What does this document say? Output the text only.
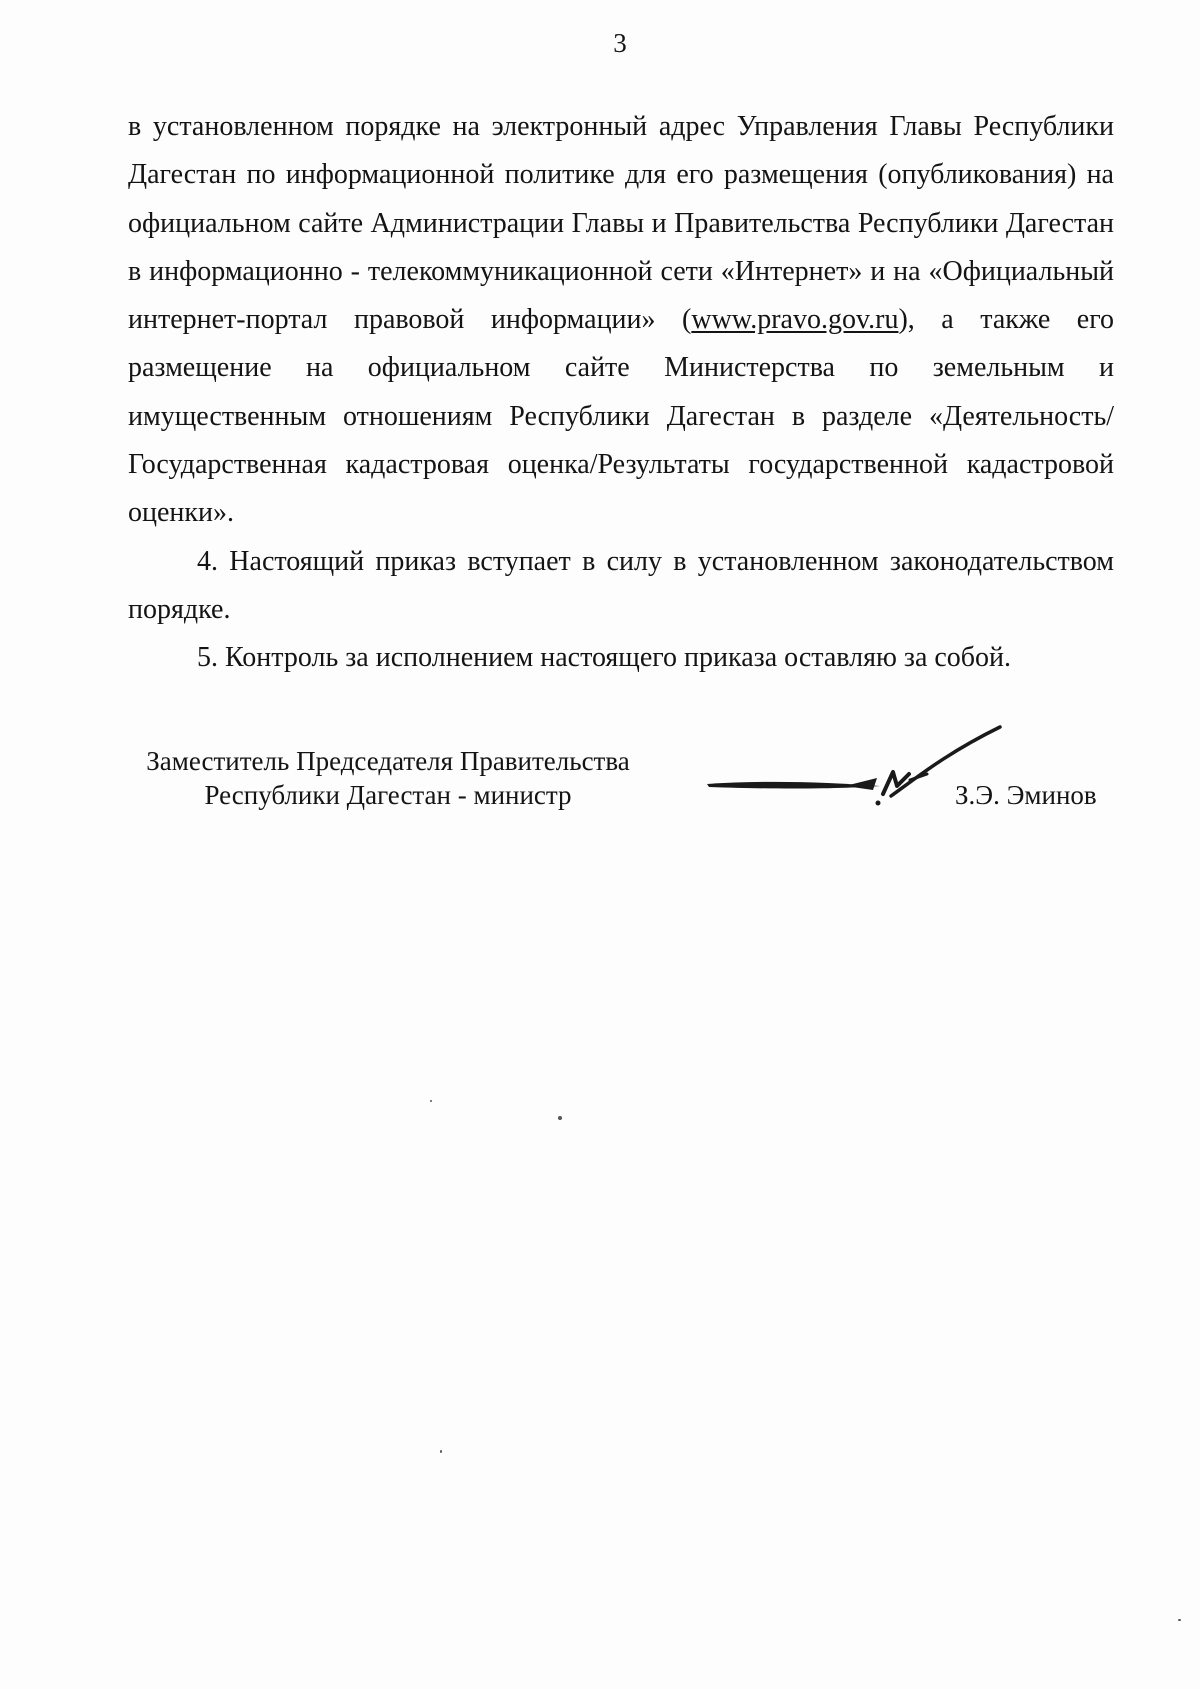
3

в установленном порядке на электронный адрес Управления Главы Республики Дагестан по информационной политике для его размещения (опубликования) на официальном сайте Администрации Главы и Правительства Республики Дагестан в информационно - телекоммуникационной сети «Интернет» и на «Официальный интернет-портал правовой информации» (www.pravo.gov.ru), а также его размещение на официальном сайте Министерства по земельным и имущественным отношениям Республики Дагестан в разделе «Деятельность/Государственная кадастровая оценка/Результаты государственной кадастровой оценки».

4. Настоящий приказ вступает в силу в установленном законодательством порядке.

5. Контроль за исполнением настоящего приказа оставляю за собой.

Заместитель Председателя Правительства
Республики Дагестан - министр	З.Э. Эминов
